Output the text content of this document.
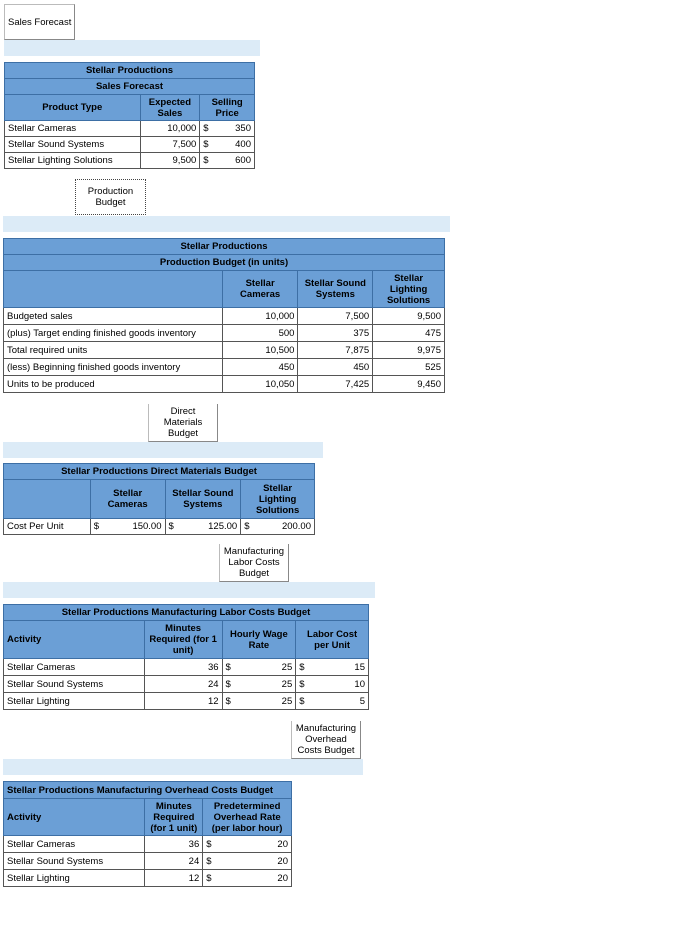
Sales Forecast
Stellar Productions		
Sales Forecast		
Product Type	Expected Sales	Selling Price
Stellar Cameras	10,000	$ 350

Stellar Sound Systems	7,500	$ 400

Stellar Lighting Solutions	9,500	$ 600
Production Budget
Stellar Productions			
Production Budget (in units)			
	Stellar Cameras	Stellar Sound Systems	Stellar Lighting Solutions
Budgeted sales	10,000	7,500	9,500
(plus) Target ending finished goods inventory	500	375	475
Total required units	10,500	7,875	9,975
(less) Beginning finished goods inventory	450	450	525
Units to be produced	10,050	7,425	9,450
Direct Materials Budget
Stellar Productions Direct Materials Budget			
	Stellar Cameras	Stellar Sound Systems	Stellar Lighting Solutions
Cost Per Unit	$ 150.00	$ 125.00	$ 200.00
Manufacturing Labor Costs Budget
Stellar Productions Manufacturing Labor Costs Budget			
Activity	Minutes Required (for 1 unit)	Hourly Wage Rate	Labor Cost per Unit
Stellar Cameras	36	$ 25	$ 15

Stellar Sound Systems	24	$ 25	$ 10

Stellar Lighting	12	$ 25	$ 5
Manufacturing Overhead Costs Budget
Stellar Productions Manufacturing Overhead Costs Budget		
Activity	Minutes Required (for 1 unit)	Predetermined Overhead Rate (per labor hour)
Stellar Cameras	36	$ 20

Stellar Sound Systems	24	$ 20

Stellar Lighting	12	$ 20
